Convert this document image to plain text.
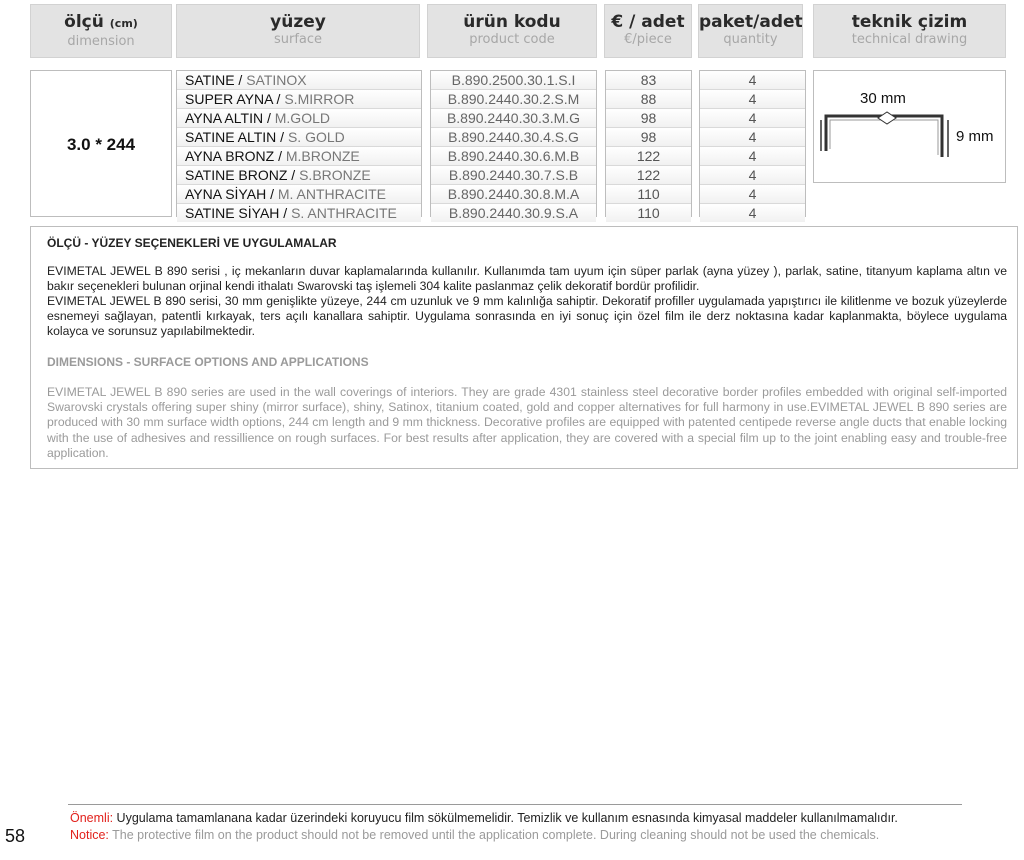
ölçü (cm)
dimension
yüzey
surface
ürün kodu
product code
€ / adet
€/piece
paket/adet
quantity
teknik çizim
technical drawing
3.0 * 244
SATINE / SATINOX
SUPER AYNA / S.MIRROR
AYNA ALTIN / M.GOLD
SATINE ALTIN / S. GOLD
AYNA BRONZ / M.BRONZE
SATINE BRONZ / S.BRONZE
AYNA SİYAH / M. ANTHRACITE
SATINE SİYAH / S. ANTHRACITE
B.890.2500.30.1.S.I
B.890.2440.30.2.S.M
B.890.2440.30.3.M.G
B.890.2440.30.4.S.G
B.890.2440.30.6.M.B
B.890.2440.30.7.S.B
B.890.2440.30.8.M.A
B.890.2440.30.9.S.A
83
88
98
98
122
122
110
110
4
4
4
4
4
4
4
4
30 mm
9 mm
ÖLÇÜ - YÜZEY SEÇENEKLERİ VE UYGULAMALAR
EVIMETAL JEWEL B 890 serisi , iç mekanların duvar kaplamalarında kullanılır. Kullanımda tam uyum için süper parlak (ayna yüzey ), parlak, satine, titanyum kaplama altın ve bakır seçenekleri bulunan orjinal kendi ithalatı Swarovski taş işlemeli 304 kalite paslanmaz çelik dekoratif bordür profilidir.
EVIMETAL JEWEL B 890 serisi, 30 mm genişlikte yüzeye, 244 cm uzunluk ve 9 mm kalınlığa sahiptir. Dekoratif profiller uygulamada yapıştırıcı ile kilitlenme ve bozuk yüzeylerde esnemeyi sağlayan, patentli kırkayak, ters açılı kanallara sahiptir. Uygulama sonrasında en iyi sonuç için özel film ile derz noktasına kadar kaplanmakta, böylece uygulama kolayca ve sorunsuz yapılabilmektedir.
DIMENSIONS - SURFACE OPTIONS AND APPLICATIONS
EVIMETAL JEWEL B 890 series are used in the wall coverings of interiors. They are grade 4301 stainless steel decorative border profiles embedded with original self-imported Swarovski crystals offering super shiny (mirror surface), shiny, Satinox, titanium coated, gold and copper alternatives for full harmony in use.EVIMETAL JEWEL B 890 series are produced with 30 mm surface width options, 244 cm length and 9 mm thickness. Decorative profiles are equipped with patented centipede reverse angle ducts that enable locking with the use of adhesives and ressillience on rough surfaces. For best results after application, they are covered with a special film up to the joint enabling easy and trouble-free application.
Önemli: Uygulama tamamlanana kadar üzerindeki koruyucu film sökülmemelidir. Temizlik ve kullanım esnasında kimyasal maddeler kullanılmamalıdır.
Notice: The protective film on the product should not be removed until the application complete. During cleaning should not be used the chemicals.
58
